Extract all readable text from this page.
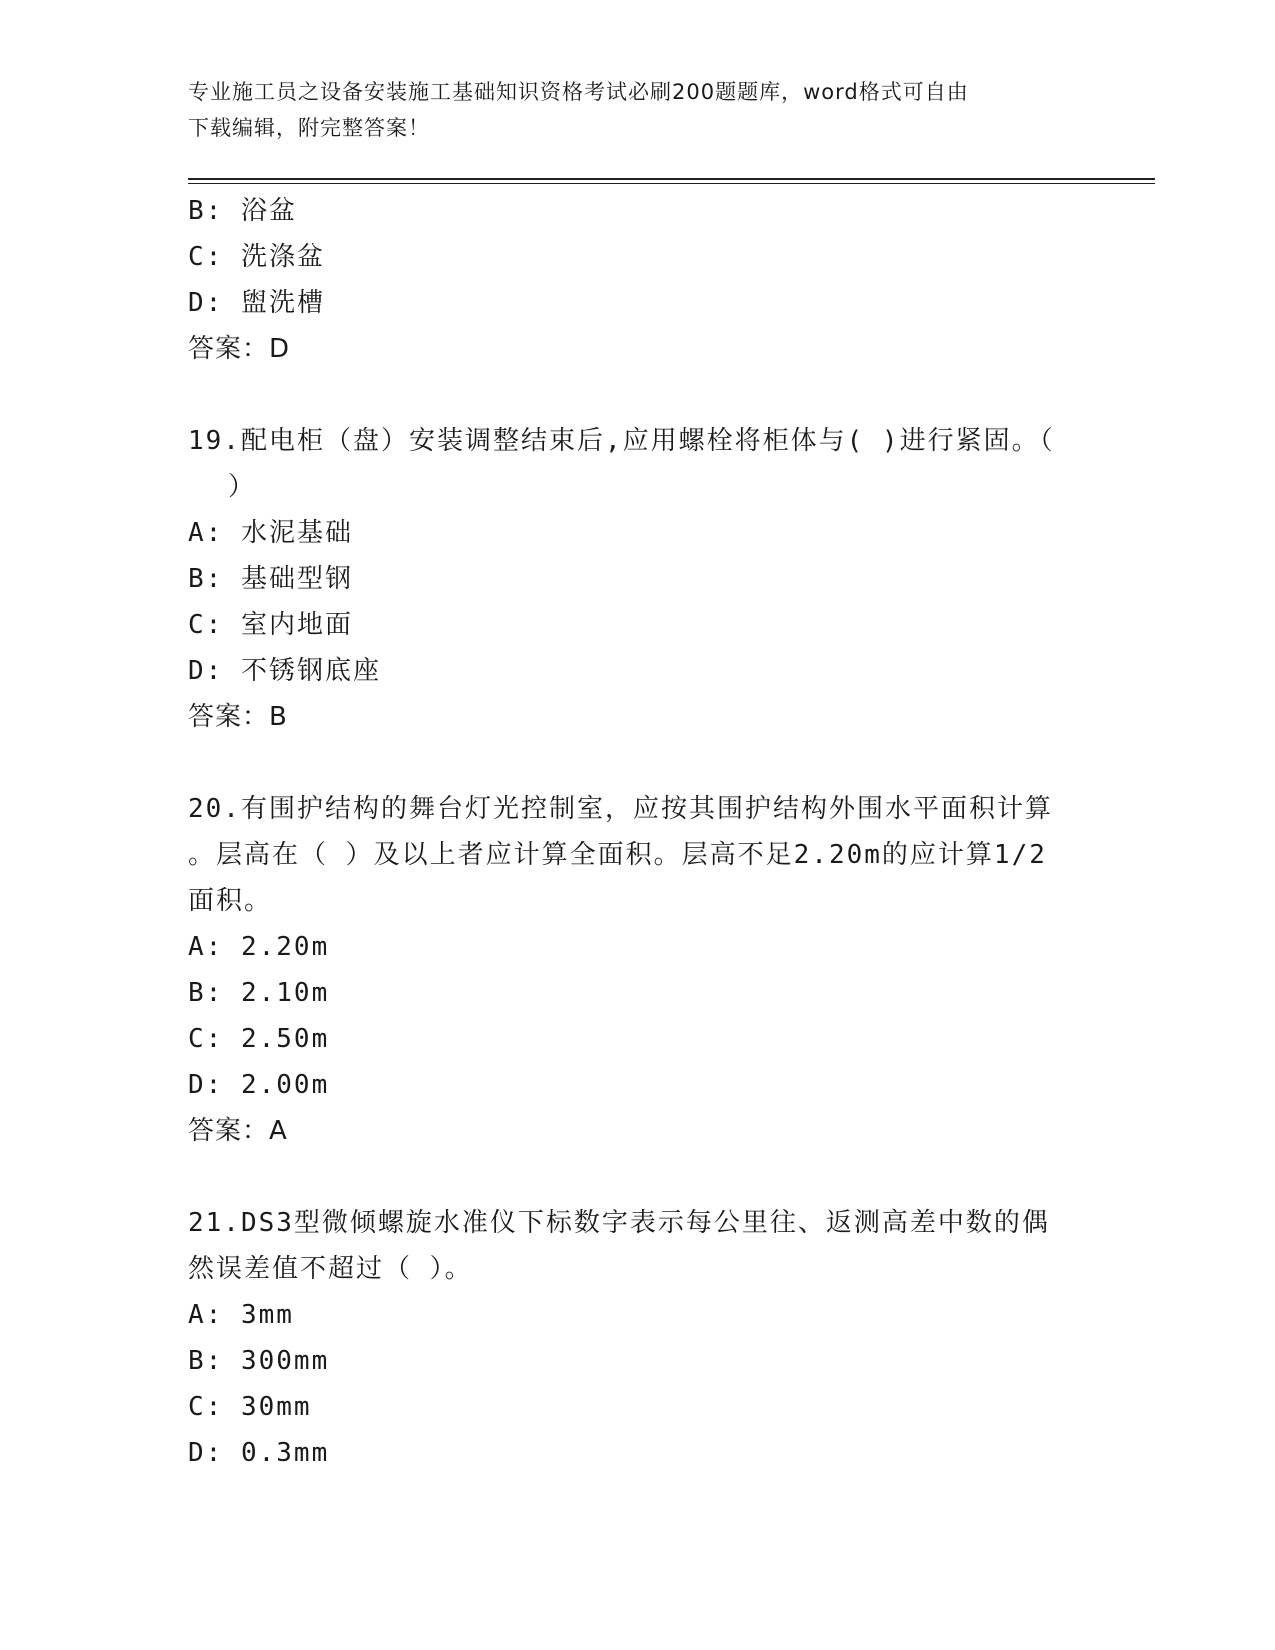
专业施工员之设备安装施工基础知识资格考试必刷200题题库，word格式可自由
下载编辑，附完整答案！
B: 浴盆
C: 洗涤盆
D: 盥洗槽
答案：D
19.配电柜（盘）安装调整结束后,应用螺栓将柜体与( )进行紧固。（
）
A: 水泥基础
B: 基础型钢
C: 室内地面
D: 不锈钢底座
答案：B
20.有围护结构的舞台灯光控制室，应按其围护结构外围水平面积计算
。层高在（ ）及以上者应计算全面积。层高不足2.20m的应计算1/2
面积。
A: 2.20m
B: 2.10m
C: 2.50m
D: 2.00m
答案：A
21.DS3型微倾螺旋水准仪下标数字表示每公里往、返测高差中数的偶
然误差值不超过（ ）。
A: 3mm
B: 300mm
C: 30mm
D: 0.3mm
